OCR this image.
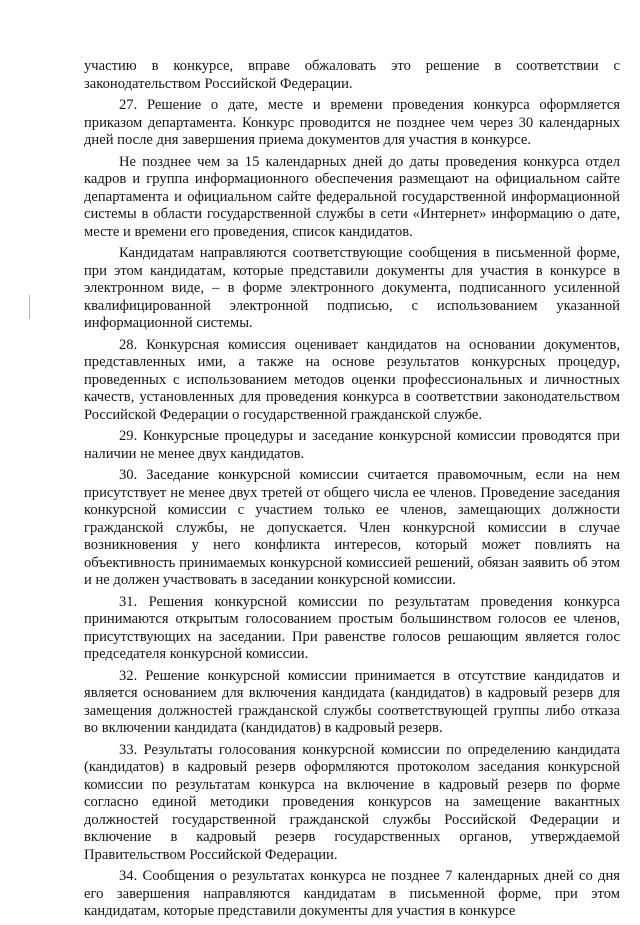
участию в конкурсе, вправе обжаловать это решение в соответствии с законодательством Российской Федерации.

27. Решение о дате, месте и времени проведения конкурса оформляется приказом департамента. Конкурс проводится не позднее чем через 30 календарных дней после дня завершения приема документов для участия в конкурсе.

Не позднее чем за 15 календарных дней до даты проведения конкурса отдел кадров и группа информационного обеспечения размещают на официальном сайте департамента и официальном сайте федеральной государственной информационной системы в области государственной службы в сети «Интернет» информацию о дате, месте и времени его проведения, список кандидатов.

Кандидатам направляются соответствующие сообщения в письменной форме, при этом кандидатам, которые представили документы для участия в конкурсе в электронном виде, – в форме электронного документа, подписанного усиленной квалифицированной электронной подписью, с использованием указанной информационной системы.

28. Конкурсная комиссия оценивает кандидатов на основании документов, представленных ими, а также на основе результатов конкурсных процедур, проведенных с использованием методов оценки профессиональных и личностных качеств, установленных для проведения конкурса в соответствии законодательством Российской Федерации о государственной гражданской службе.

29. Конкурсные процедуры и заседание конкурсной комиссии проводятся при наличии не менее двух кандидатов.

30. Заседание конкурсной комиссии считается правомочным, если на нем присутствует не менее двух третей от общего числа ее членов. Проведение заседания конкурсной комиссии с участием только ее членов, замещающих должности гражданской службы, не допускается. Член конкурсной комиссии в случае возникновения у него конфликта интересов, который может повлиять на объективность принимаемых конкурсной комиссией решений, обязан заявить об этом и не должен участвовать в заседании конкурсной комиссии.

31. Решения конкурсной комиссии по результатам проведения конкурса принимаются открытым голосованием простым большинством голосов ее членов, присутствующих на заседании. При равенстве голосов решающим является голос председателя конкурсной комиссии.

32. Решение конкурсной комиссии принимается в отсутствие кандидатов и является основанием для включения кандидата (кандидатов) в кадровый резерв для замещения должностей гражданской службы соответствующей группы либо отказа во включении кандидата (кандидатов) в кадровый резерв.

33. Результаты голосования конкурсной комиссии по определению кандидата (кандидатов) в кадровый резерв оформляются протоколом заседания конкурсной комиссии по результатам конкурса на включение в кадровый резерв по форме согласно единой методики проведения конкурсов на замещение вакантных должностей государственной гражданской службы Российской Федерации и включение в кадровый резерв государственных органов, утверждаемой Правительством Российской Федерации.

34. Сообщения о результатах конкурса не позднее 7 календарных дней со дня его завершения направляются кандидатам в письменной форме, при этом кандидатам, которые представили документы для участия в конкурсе
